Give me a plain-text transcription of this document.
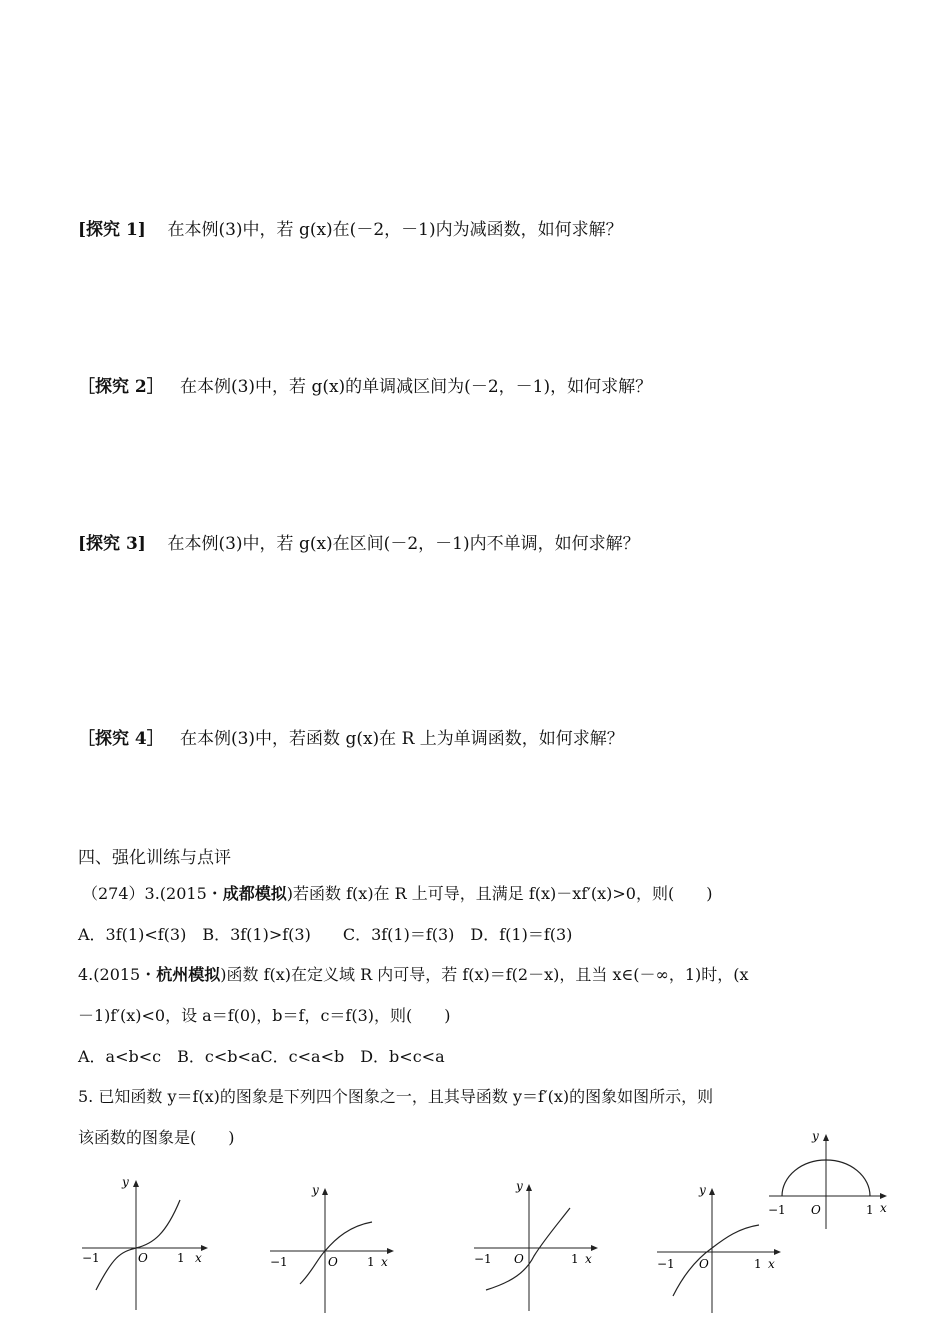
[探究 1] 在本例(3)中，若 g(x)在(－2，－1)内为减函数，如何求解？
［探究 2］ 在本例(3)中，若 g(x)的单调减区间为(－2，－1)，如何求解？
[探究 3] 在本例(3)中，若 g(x)在区间(－2，－1)内不单调，如何求解？
［探究 4］ 在本例(3)中，若函数 g(x)在 R 上为单调函数，如何求解？
四、强化训练与点评
（274）3.(2015・成都模拟)若函数 f(x)在 R 上可导，且满足 f(x)－xf′(x)>0，则(　　)
A．3f(1)<f(3)　B．3f(1)>f(3)　　C．3f(1)＝f(3)　D．f(1)＝f(3)
4.(2015・杭州模拟)函数 f(x)在定义域 R 内可导，若 f(x)＝f(2－x)，且当 x∈(－∞，1)时，(x
－1)f′(x)<0，设 a＝f(0)，b＝f，c＝f(3)，则(　　)
A．a<b<c　B．c<b<aC．c<a<b　D．b<c<a
5. 已知函数 y＝f(x)的图象是下列四个图象之一，且其导函数 y＝f′(x)的图象如图所示，则
该函数的图象是(　　)
y
x
O
−1	1
y
x
O
−1	1
y
x
O
−1	1
y
x
O
−1	1
y
x
O
−1	1
